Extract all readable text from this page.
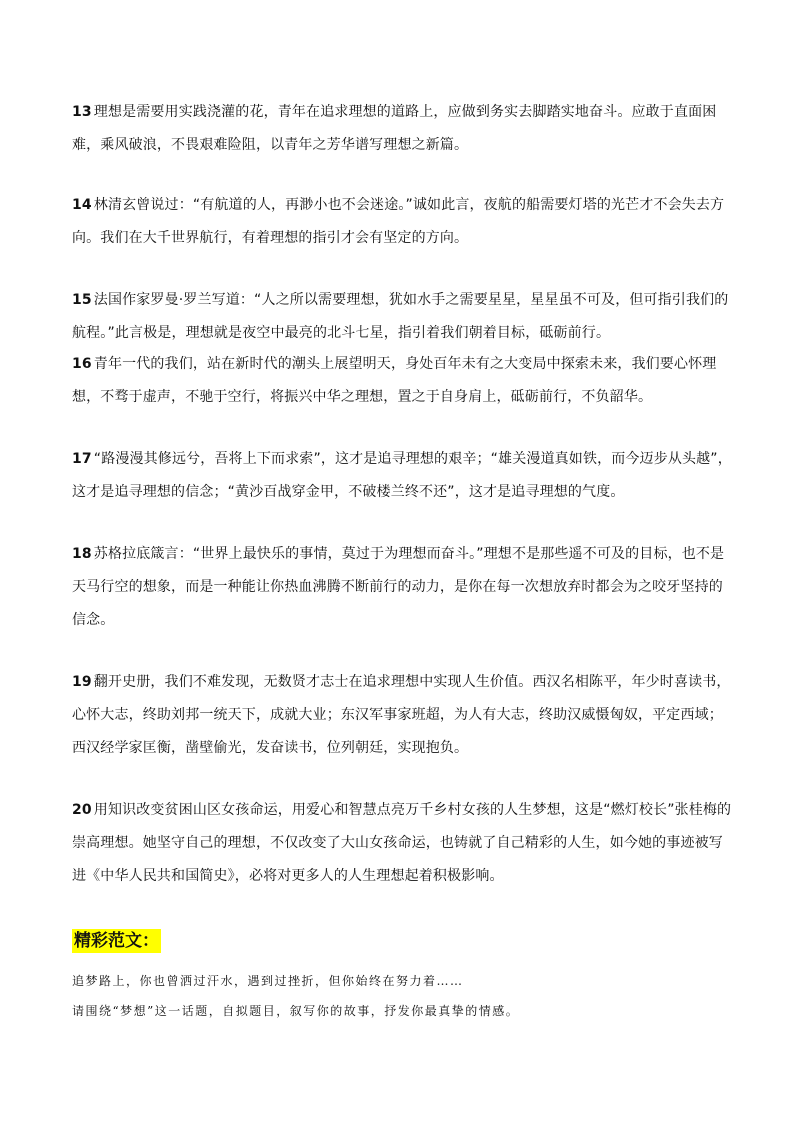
13 理想是需要用实践浇灌的花，青年在追求理想的道路上，应做到务实去脚踏实地奋斗。应敢于直面困难，乘风破浪，不畏艰难险阻，以青年之芳华谱写理想之新篇。

14 林清玄曾说过：“有航道的人，再渺小也不会迷途。”诚如此言，夜航的船需要灯塔的光芒才不会失去方向。我们在大千世界航行，有着理想的指引才会有坚定的方向。

15 法国作家罗曼·罗兰写道：“人之所以需要理想，犹如水手之需要星星，星星虽不可及，但可指引我们的航程。”此言极是，理想就是夜空中最亮的北斗七星，指引着我们朝着目标，砥砺前行。

16 青年一代的我们，站在新时代的潮头上展望明天，身处百年未有之大变局中探索未来，我们要心怀理想，不骛于虚声，不驰于空行，将振兴中华之理想，置之于自身肩上，砥砺前行，不负韶华。

17 “路漫漫其修远兮，吾将上下而求索”，这才是追寻理想的艰辛；“雄关漫道真如铁，而今迈步从头越”，这才是追寻理想的信念；“黄沙百战穿金甲，不破楼兰终不还”，这才是追寻理想的气度。

18 苏格拉底箴言：“世界上最快乐的事情，莫过于为理想而奋斗。”理想不是那些遥不可及的目标，也不是天马行空的想象，而是一种能让你热血沸腾不断前行的动力，是你在每一次想放弃时都会为之咬牙坚持的信念。

19 翻开史册，我们不难发现，无数贤才志士在追求理想中实现人生价值。西汉名相陈平，年少时喜读书，心怀大志，终助刘邦一统天下，成就大业；东汉军事家班超，为人有大志，终助汉威慑匈奴，平定西域；西汉经学家匡衡，凿壁偷光，发奋读书，位列朝廷，实现抱负。

20 用知识改变贫困山区女孩命运，用爱心和智慧点亮万千乡村女孩的人生梦想，这是“燃灯校长”张桂梅的崇高理想。她坚守自己的理想，不仅改变了大山女孩命运，也铸就了自己精彩的人生，如今她的事迹被写进《中华人民共和国简史》，必将对更多人的人生理想起着积极影响。

精彩范文：

追梦路上，你也曾洒过汗水，遇到过挫折，但你始终在努力着……

请围绕“梦想”这一话题，自拟题目，叙写你的故事，抒发你最真挚的情感。
